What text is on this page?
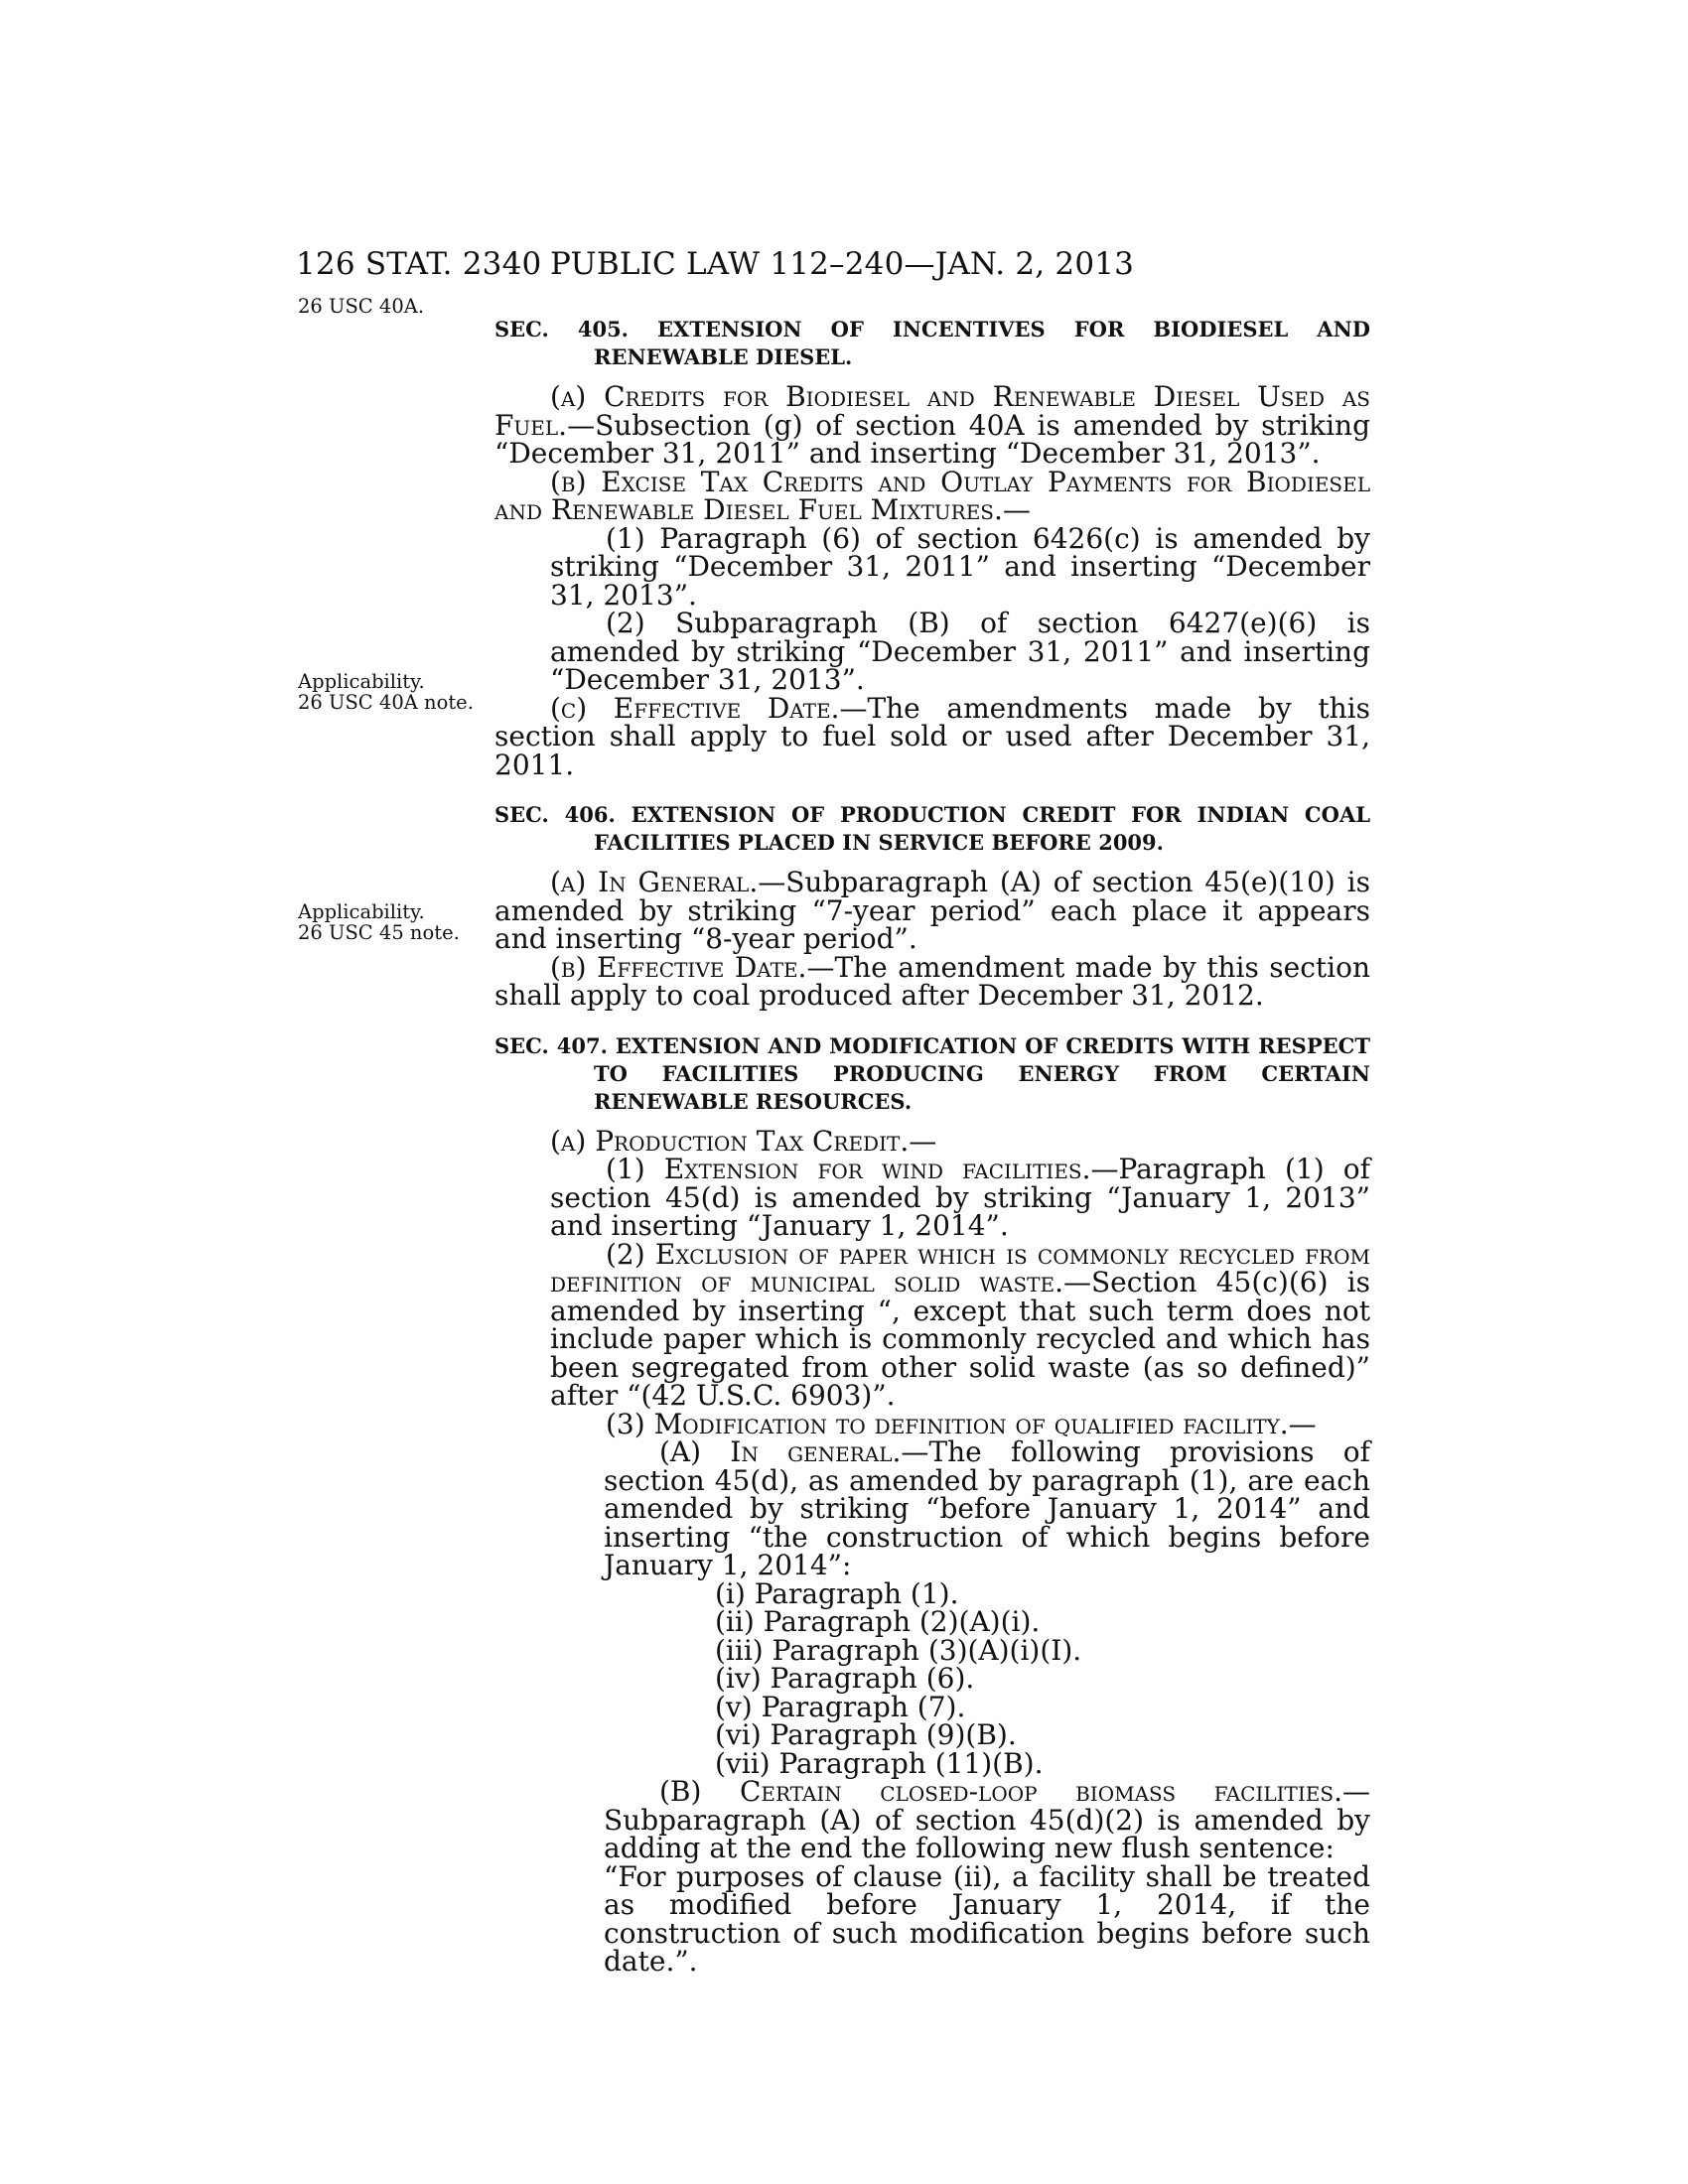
126 STAT. 2340 PUBLIC LAW 112–240—JAN. 2, 2013
26 USC 40A.
Applicability.
26 USC 40A note.
Applicability.
26 USC 45 note.

SEC. 405. EXTENSION OF INCENTIVES FOR BIODIESEL AND RENEWABLE DIESEL.

(a) Credits for Biodiesel and Renewable Diesel Used as Fuel.—Subsection (g) of section 40A is amended by striking “December 31, 2011” and inserting “December 31, 2013”.

(b) Excise Tax Credits and Outlay Payments for Biodiesel and Renewable Diesel Fuel Mixtures.—

(1) Paragraph (6) of section 6426(c) is amended by striking “December 31, 2011” and inserting “December 31, 2013”.

(2) Subparagraph (B) of section 6427(e)(6) is amended by striking “December 31, 2011” and inserting “December 31, 2013”.

(c) Effective Date.—The amendments made by this section shall apply to fuel sold or used after December 31, 2011.

SEC. 406. EXTENSION OF PRODUCTION CREDIT FOR INDIAN COAL FACILITIES PLACED IN SERVICE BEFORE 2009.

(a) In General.—Subparagraph (A) of section 45(e)(10) is amended by striking “7-year period” each place it appears and inserting “8-year period”.

(b) Effective Date.—The amendment made by this section shall apply to coal produced after December 31, 2012.

SEC. 407. EXTENSION AND MODIFICATION OF CREDITS WITH RESPECT TO FACILITIES PRODUCING ENERGY FROM CERTAIN RENEWABLE RESOURCES.

(a) Production Tax Credit.—

(1) Extension for wind facilities.—Paragraph (1) of section 45(d) is amended by striking “January 1, 2013” and inserting “January 1, 2014”.

(2) Exclusion of paper which is commonly recycled from definition of municipal solid waste.—Section 45(c)(6) is amended by inserting “, except that such term does not include paper which is commonly recycled and which has been segregated from other solid waste (as so defined)” after “(42 U.S.C. 6903)”.

(3) Modification to definition of qualified facility.—

(A) In general.—The following provisions of section 45(d), as amended by paragraph (1), are each amended by striking “before January 1, 2014” and inserting “the construction of which begins before January 1, 2014”:

(i) Paragraph (1).

(ii) Paragraph (2)(A)(i).

(iii) Paragraph (3)(A)(i)(I).

(iv) Paragraph (6).

(v) Paragraph (7).

(vi) Paragraph (9)(B).

(vii) Paragraph (11)(B).

(B) Certain closed-loop biomass facilities.—Subparagraph (A) of section 45(d)(2) is amended by adding at the end the following new flush sentence:

“For purposes of clause (ii), a facility shall be treated as modified before January 1, 2014, if the construction of such modification begins before such date.”.
